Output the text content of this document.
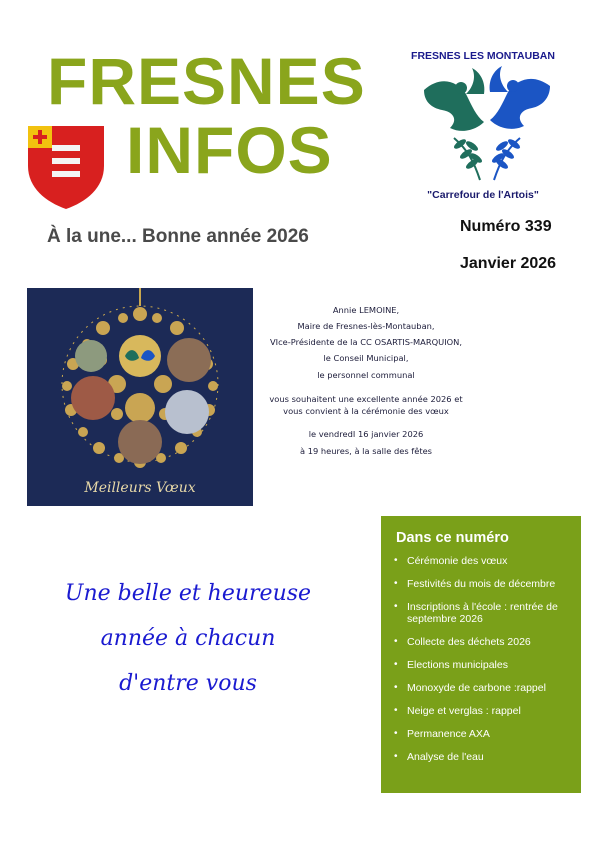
FRESNES
INFOS
À la une... Bonne année 2026	Numéro 339
Janvier 2026
FRESNES LES MONTAUBAN
"Carrefour de l'Artois"
Meilleurs Vœux

Annie LEMOINE,

Maire de Fresnes-lès-Montauban,

VIce-Présidente de la CC OSARTIS-MARQUION,

le Conseil Municipal,

le personnel communal

vous souhaitent une excellente année 2026 et

vous convient à la cérémonie des vœux

le vendredI 16 janvier 2026

à 19 heures, à la salle des fêtes

Une belle et heureuse
année à chacun
d'entre vous
Dans ce numéro
• Cérémonie des vœux
• Festivités du mois de décembre
• Inscriptions à l'école : rentrée de septembre 2026
• Collecte des déchets 2026
• Elections municipales
• Monoxyde de carbone :rappel
• Neige et verglas : rappel
• Permanence AXA
• Analyse de l'eau
